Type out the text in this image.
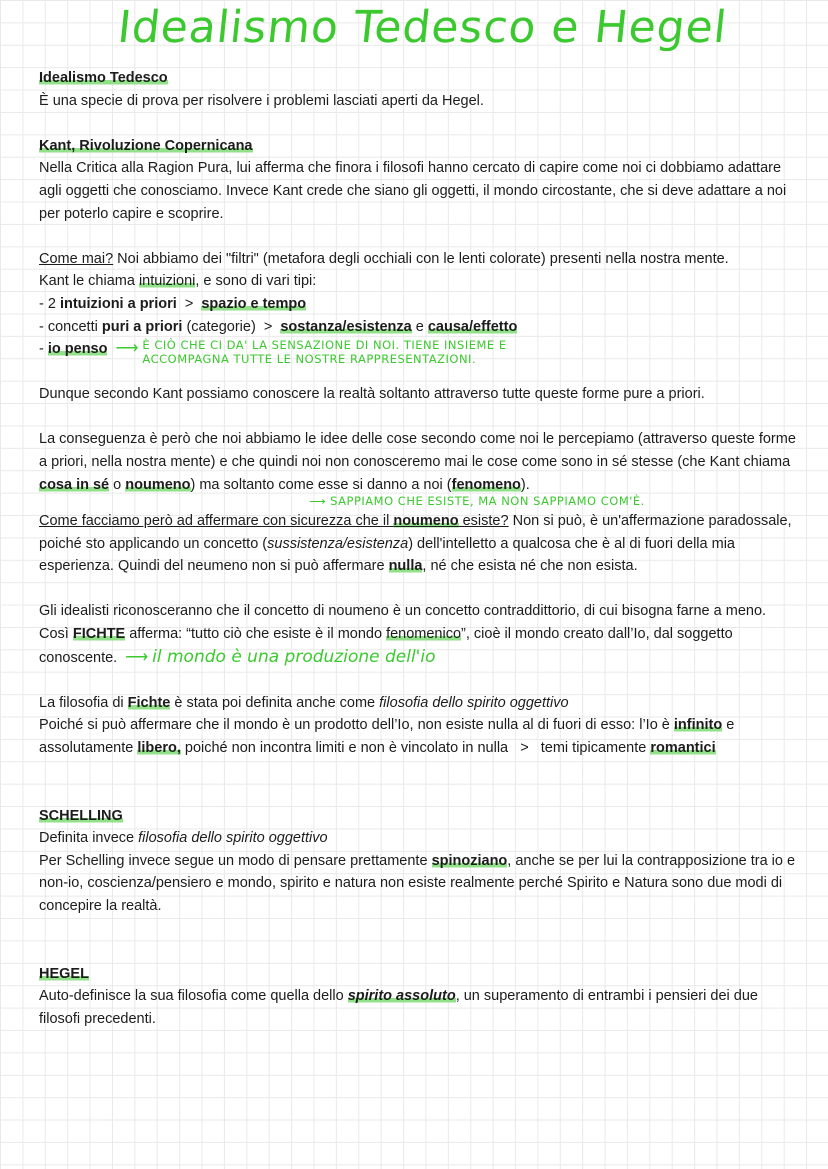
Idealismo Tedesco e Hegel

Idealismo Tedesco

È una specie di prova per risolvere i problemi lasciati aperti da Hegel.

Kant, Rivoluzione Copernicana

Nella Critica alla Ragion Pura, lui afferma che finora i filosofi hanno cercato di capire come noi ci dobbiamo adattare agli oggetti che conosciamo. Invece Kant crede che siano gli oggetti, il mondo circostante, che si deve adattare a noi per poterlo capire e scoprire.

Come mai? Noi abbiamo dei "filtri" (metafora degli occhiali con le lenti colorate) presenti nella nostra mente.

Kant le chiama intuizioni, e sono di vari tipi:

- 2 intuizioni a priori  >  spazio e tempo

- concetti puri a priori (categorie)  >  sostanza/esistenza e causa/effetto

- io penso ⟶ È CIÒ CHE CI DA' LA SENSAZIONE DI NOI. TIENE INSIEME E
ACCOMPAGNA TUTTE LE NOSTRE RAPPRESENTAZIONI.

Dunque secondo Kant possiamo conoscere la realtà soltanto attraverso tutte queste forme pure a priori.

La conseguenza è però che noi abbiamo le idee delle cose secondo come noi le percepiamo (attraverso queste forme a priori, nella nostra mente) e che quindi noi non conosceremo mai le cose come sono in sé stesse (che Kant chiama cosa in sé o noumeno) ma soltanto come esse si danno a noi (fenomeno).

⟶ SAPPIAMO CHE ESISTE, MA NON SAPPIAMO COM'È.

Come facciamo però ad affermare con sicurezza che il noumeno esiste? Non si può, è un'affermazione paradossale, poiché sto applicando un concetto (sussistenza/esistenza) dell'intelletto a qualcosa che è al di fuori della mia esperienza. Quindi del neumeno non si può affermare nulla, né che esista né che non esista.

Gli idealisti riconosceranno che il concetto di noumeno è un concetto contraddittorio, di cui bisogna farne a meno. Così FICHTE afferma: “tutto ciò che esiste è il mondo fenomenico”, cioè il mondo creato dall’Io, dal soggetto conoscente. ⟶ il mondo è una produzione dell'io

La filosofia di Fichte è stata poi definita anche come filosofia dello spirito oggettivo

Poiché si può affermare che il mondo è un prodotto dell’Io, non esiste nulla al di fuori di esso: l’Io è infinito e assolutamente libero, poiché non incontra limiti e non è vincolato in nulla   >   temi tipicamente romantici

SCHELLING

Definita invece filosofia dello spirito oggettivo

Per Schelling invece segue un modo di pensare prettamente spinoziano, anche se per lui la contrapposizione tra io e non-io, coscienza/pensiero e mondo, spirito e natura non esiste realmente perché Spirito e Natura sono due modi di concepire la realtà.

HEGEL

Auto-definisce la sua filosofia come quella dello spirito assoluto, un superamento di entrambi i pensieri dei due filosofi precedenti.
